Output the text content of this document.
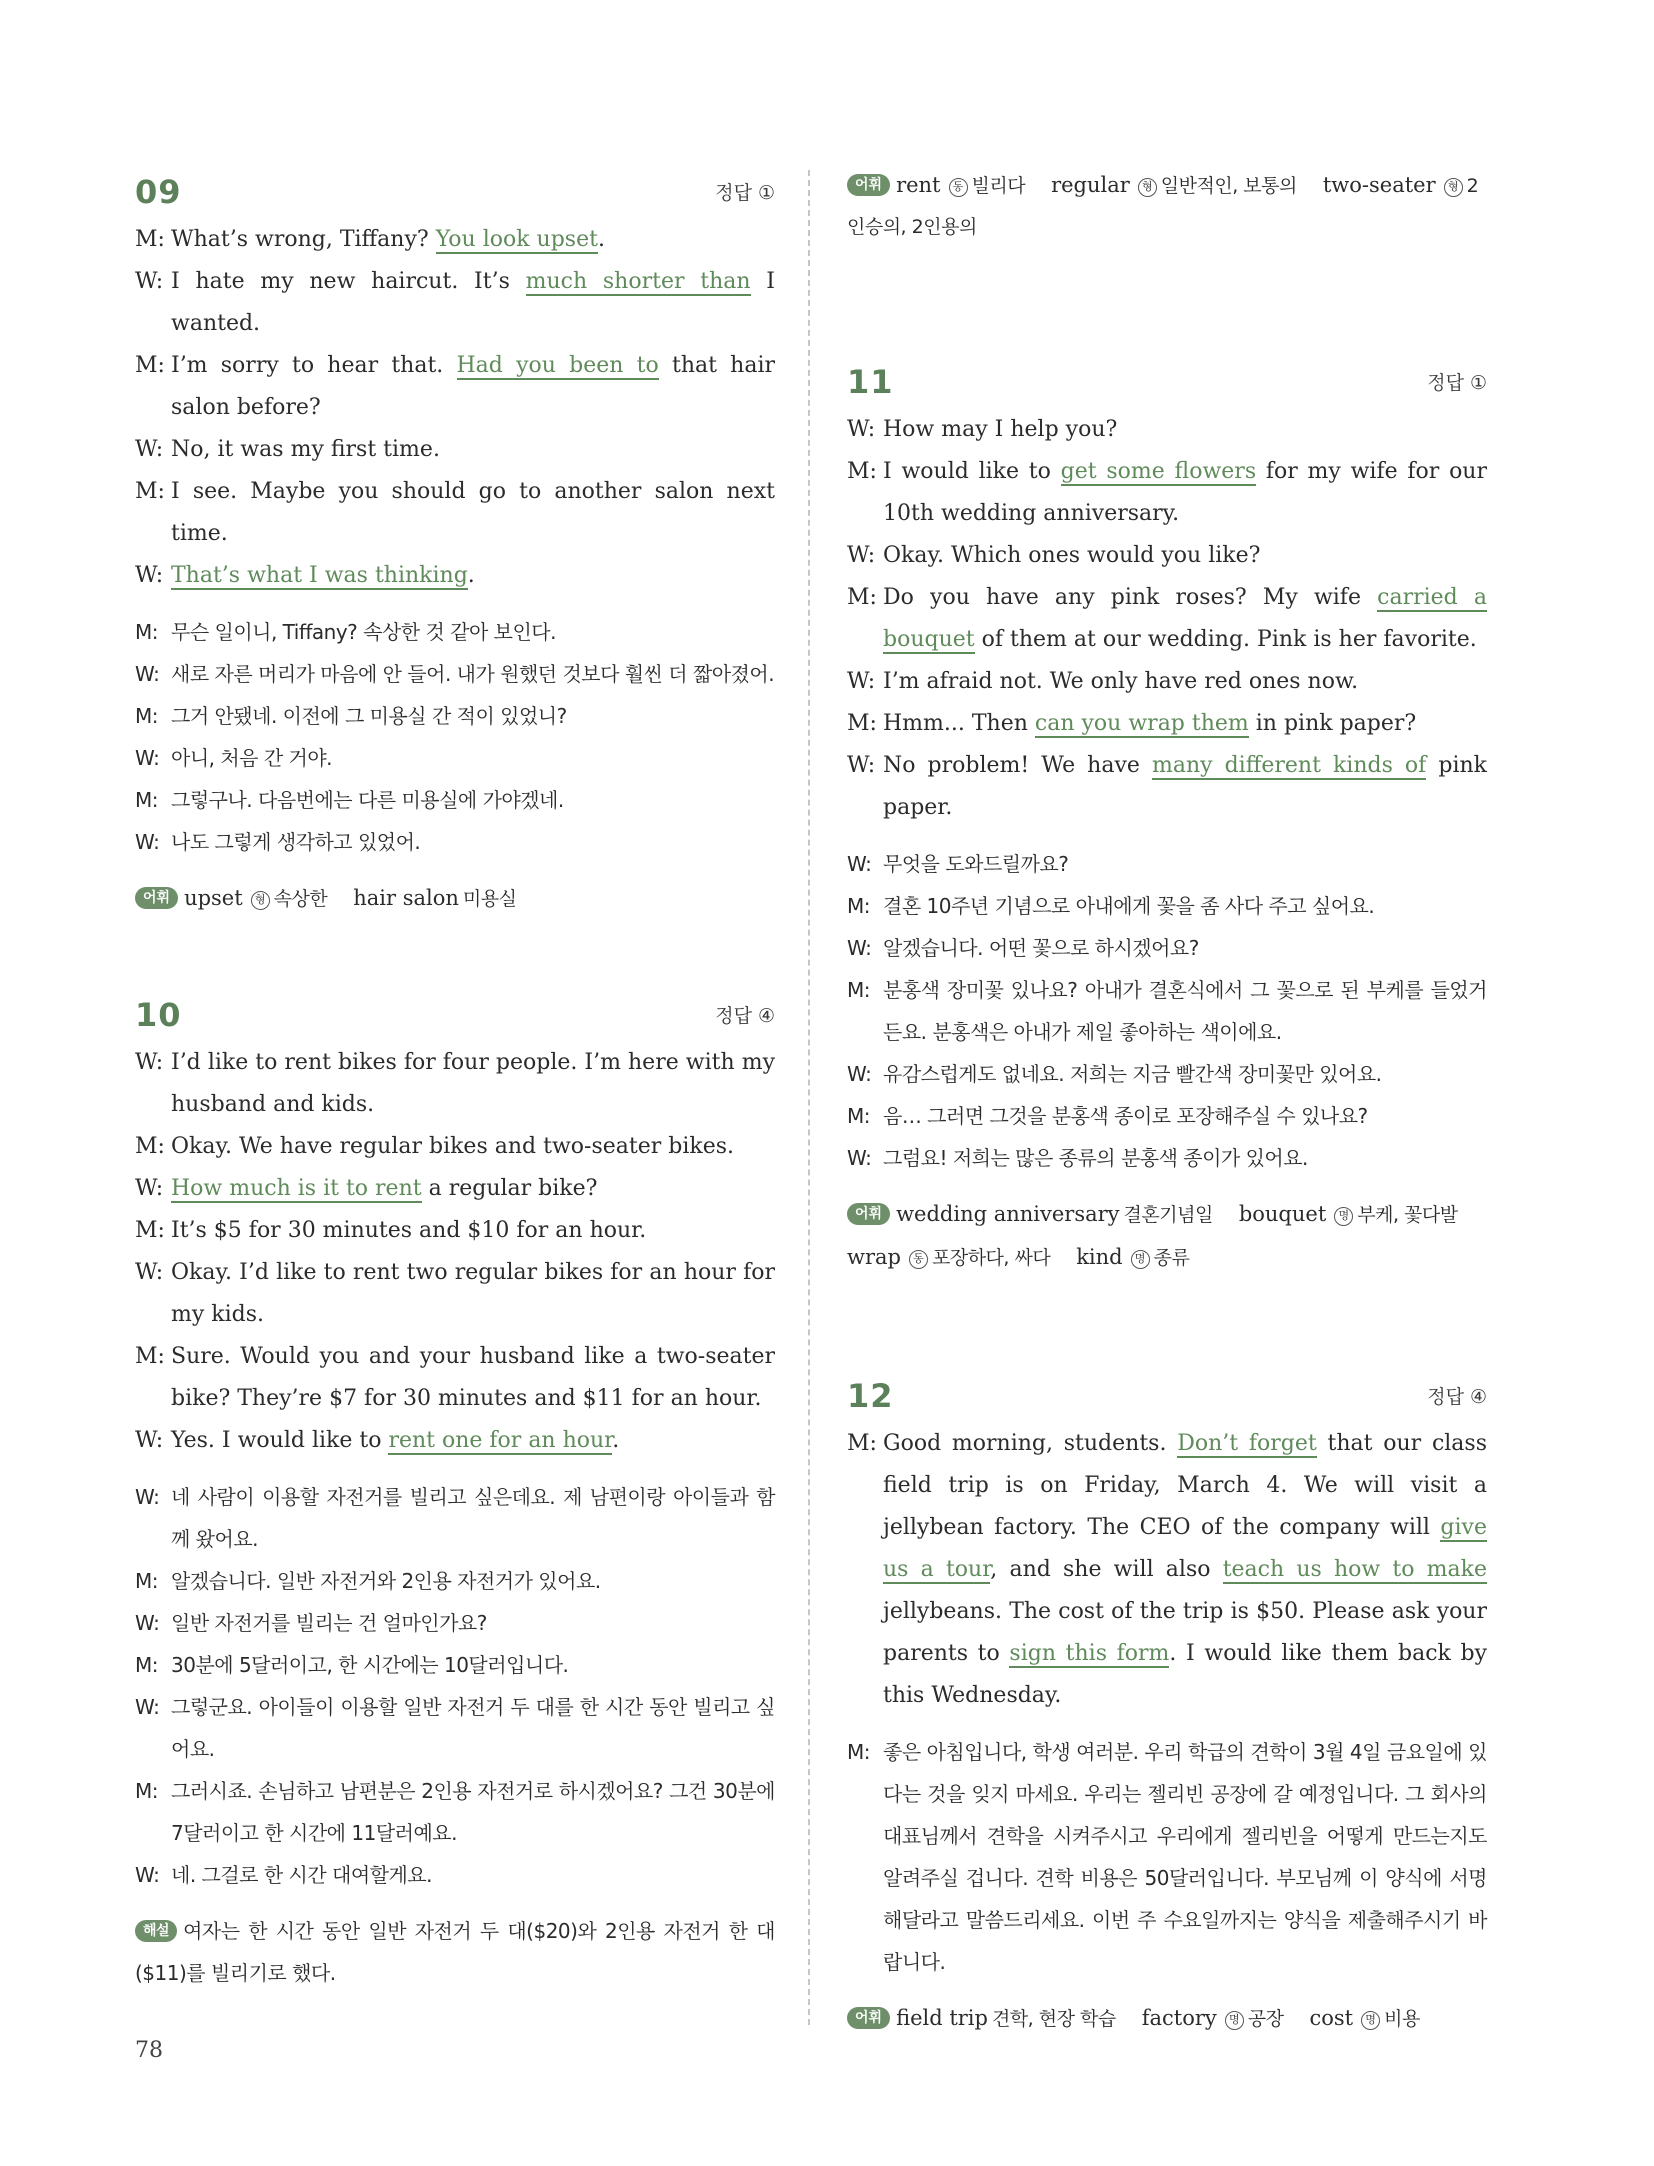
09	정답 ①
M: What’s wrong, Tiffany? You look upset.
W: I hate my new haircut. It’s much shorter than I wanted.
M: I’m sorry to hear that. Had you been to that hair salon before?
W: No, it was my first time.
M: I see. Maybe you should go to another salon next time.
W: That’s what I was thinking.
M: 무슨 일이니, Tiffany? 속상한 것 같아 보인다.
W: 새로 자른 머리가 마음에 안 들어. 내가 원했던 것보다 훨씬 더 짧아졌어.
M: 그거 안됐네. 이전에 그 미용실 간 적이 있었니?
W: 아니, 처음 간 거야.
M: 그렇구나. 다음번에는 다른 미용실에 가야겠네.
W: 나도 그렇게 생각하고 있었어.
어휘 upset 형 속상한 hair salon 미용실
10	정답 ④
W: I’d like to rent bikes for four people. I’m here with my husband and kids.
M: Okay. We have regular bikes and two-seater bikes.
W: How much is it to rent a regular bike?
M: It’s $5 for 30 minutes and $10 for an hour.
W: Okay. I’d like to rent two regular bikes for an hour for my kids.
M: Sure. Would you and your husband like a two-seater bike? They’re $7 for 30 minutes and $11 for an hour.
W: Yes. I would like to rent one for an hour.
W: 네 사람이 이용할 자전거를 빌리고 싶은데요. 제 남편이랑 아이들과 함께 왔어요.
M: 알겠습니다. 일반 자전거와 2인용 자전거가 있어요.
W: 일반 자전거를 빌리는 건 얼마인가요?
M: 30분에 5달러이고, 한 시간에는 10달러입니다.
W: 그렇군요. 아이들이 이용할 일반 자전거 두 대를 한 시간 동안 빌리고 싶어요.
M: 그러시죠. 손님하고 남편분은 2인용 자전거로 하시겠어요? 그건 30분에 7달러이고 한 시간에 11달러예요.
W: 네. 그걸로 한 시간 대여할게요.
해설 여자는 한 시간 동안 일반 자전거 두 대($20)와 2인용 자전거 한 대($11)를 빌리기로 했다.
어휘 rent 동 빌리다 regular 형 일반적인, 보통의 two-seater 형 2인승의, 2인용의
11	정답 ①
W: How may I help you?
M: I would like to get some flowers for my wife for our 10th wedding anniversary.
W: Okay. Which ones would you like?
M: Do you have any pink roses? My wife carried a bouquet of them at our wedding. Pink is her favorite.
W: I’m afraid not. We only have red ones now.
M: Hmm... Then can you wrap them in pink paper?
W: No problem! We have many different kinds of pink paper.
W: 무엇을 도와드릴까요?
M: 결혼 10주년 기념으로 아내에게 꽃을 좀 사다 주고 싶어요.
W: 알겠습니다. 어떤 꽃으로 하시겠어요?
M: 분홍색 장미꽃 있나요? 아내가 결혼식에서 그 꽃으로 된 부케를 들었거든요. 분홍색은 아내가 제일 좋아하는 색이에요.
W: 유감스럽게도 없네요. 저희는 지금 빨간색 장미꽃만 있어요.
M: 음… 그러면 그것을 분홍색 종이로 포장해주실 수 있나요?
W: 그럼요! 저희는 많은 종류의 분홍색 종이가 있어요.
어휘 wedding anniversary 결혼기념일 bouquet 명 부케, 꽃다발wrap 동 포장하다, 싸다 kind 명 종류
12	정답 ④
M: Good morning, students. Don’t forget that our class field trip is on Friday, March 4. We will visit a jellybean factory. The CEO of the company will give us a tour, and she will also teach us how to make jellybeans. The cost of the trip is $50. Please ask your parents to sign this form. I would like them back by this Wednesday.
M: 좋은 아침입니다, 학생 여러분. 우리 학급의 견학이 3월 4일 금요일에 있다는 것을 잊지 마세요. 우리는 젤리빈 공장에 갈 예정입니다. 그 회사의 대표님께서 견학을 시켜주시고 우리에게 젤리빈을 어떻게 만드는지도 알려주실 겁니다. 견학 비용은 50달러입니다. 부모님께 이 양식에 서명해달라고 말씀드리세요. 이번 주 수요일까지는 양식을 제출해주시기 바랍니다.
어휘 field trip 견학, 현장 학습 factory 명 공장 cost 명 비용
78
